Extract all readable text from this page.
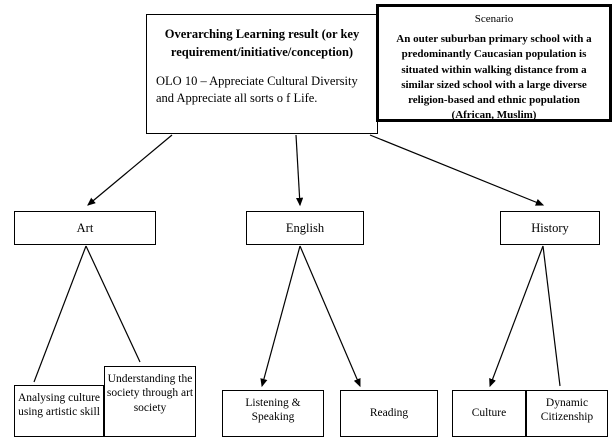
Overarching Learning result (or key requirement/initiative/conception)
OLO 10 – Appreciate Cultural Diversity and Appreciate all sorts o f Life.
Scenario
An outer suburban primary school with a predominantly Caucasian population is situated within walking distance from a similar sized school with a large diverse religion-based and ethnic population (African, Muslim)
Art	English	History
Analysing culture using artistic skill
Understanding the society through art society	Listening & Speaking	Reading	Culture
Dynamic Citizenship
